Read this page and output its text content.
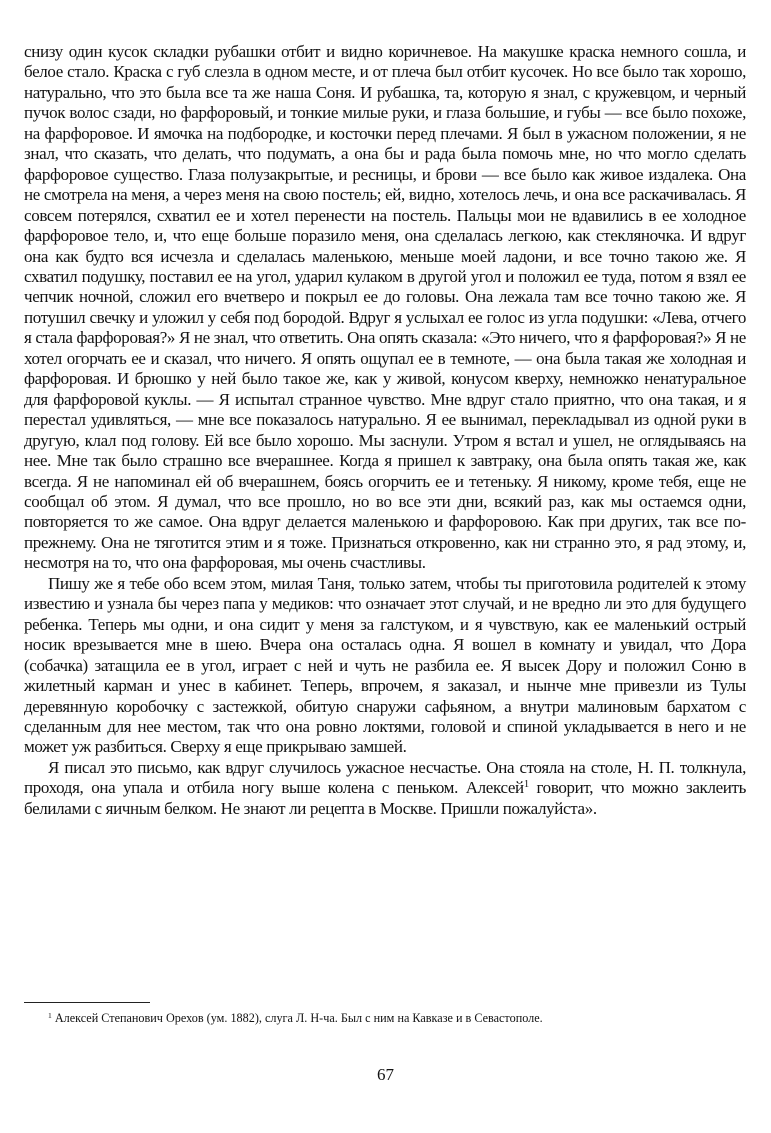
снизу один кусок складки рубашки отбит и видно коричневое. На макушке краска немного сошла, и белое стало. Краска с губ слезла в одном месте, и от плеча был отбит кусочек. Но все было так хорошо, натурально, что это была все та же наша Соня. И рубашка, та, которую я знал, с кружевцом, и черный пучок волос сзади, но фарфоровый, и тонкие милые руки, и глаза большие, и губы — все было похоже, на фарфоровое. И ямочка на подбородке, и косточки перед плечами. Я был в ужасном положении, я не знал, что сказать, что делать, что подумать, а она бы и рада была помочь мне, но что могло сделать фарфоровое существо. Глаза полузакрытые, и ресницы, и брови — все было как живое издалека. Она не смотрела на меня, а через меня на свою постель; ей, видно, хотелось лечь, и она все раскачивалась. Я совсем потерялся, схватил ее и хотел перенести на постель. Пальцы мои не вдавились в ее холодное фарфоровое тело, и, что еще больше поразило меня, она сделалась легкою, как стекляночка. И вдруг она как будто вся исчезла и сделалась маленькою, меньше моей ладони, и все точно такою же. Я схватил подушку, поставил ее на угол, ударил кулаком в другой угол и положил ее туда, потом я взял ее чепчик ночной, сложил его вчетверо и покрыл ее до головы. Она лежала там все точно такою же. Я потушил свечку и уложил у себя под бородой. Вдруг я услыхал ее голос из угла подушки: «Лева, отчего я стала фарфоровая?» Я не знал, что ответить. Она опять сказала: «Это ничего, что я фарфоровая?» Я не хотел огорчать ее и сказал, что ничего. Я опять ощупал ее в темноте, — она была такая же холодная и фарфоровая. И брюшко у ней было такое же, как у живой, конусом кверху, немножко ненатуральное для фарфоровой куклы. — Я испытал странное чувство. Мне вдруг стало приятно, что она такая, и я перестал удивляться, — мне все показалось натурально. Я ее вынимал, перекладывал из одной руки в другую, клал под голову. Ей все было хорошо. Мы заснули. Утром я встал и ушел, не оглядываясь на нее. Мне так было страшно все вчерашнее. Когда я пришел к завтраку, она была опять такая же, как всегда. Я не напоминал ей об вчерашнем, боясь огорчить ее и тетеньку. Я никому, кроме тебя, еще не сообщал об этом. Я думал, что все прошло, но во все эти дни, всякий раз, как мы остаемся одни, повторяется то же самое. Она вдруг делается маленькою и фарфоровою. Как при других, так все по-прежнему. Она не тяготится этим и я тоже. Признаться откровенно, как ни странно это, я рад этому, и, несмотря на то, что она фарфоровая, мы очень счастливы.

Пишу же я тебе обо всем этом, милая Таня, только затем, чтобы ты приготовила родителей к этому известию и узнала бы через папа у медиков: что означает этот случай, и не вредно ли это для будущего ребенка. Теперь мы одни, и она сидит у меня за галстуком, и я чувствую, как ее маленький острый носик врезывается мне в шею. Вчера она осталась одна. Я вошел в комнату и увидал, что Дора (собачка) затащила ее в угол, играет с ней и чуть не разбила ее. Я высек Дору и положил Соню в жилетный карман и унес в кабинет. Теперь, впрочем, я заказал, и нынче мне привезли из Тулы деревянную коробочку с застежкой, обитую снаружи сафьяном, а внутри малиновым бархатом с сделанным для нее местом, так что она ровно локтями, головой и спиной укладывается в него и не может уж разбиться. Сверху я еще прикрываю замшей.

Я писал это письмо, как вдруг случилось ужасное несчастье. Она стояла на столе, Н. П. толкнула, проходя, она упала и отбила ногу выше колена с пеньком. Алексей$^1$ говорит, что можно заклеить белилами с яичным белком. Не знают ли рецепта в Москве. Пришли пожалуйста».

$^1$ Алексей Степанович Орехов (ум. 1882), слуга Л. Н-ча. Был с ним на Кавказе и в Севастополе.
67
